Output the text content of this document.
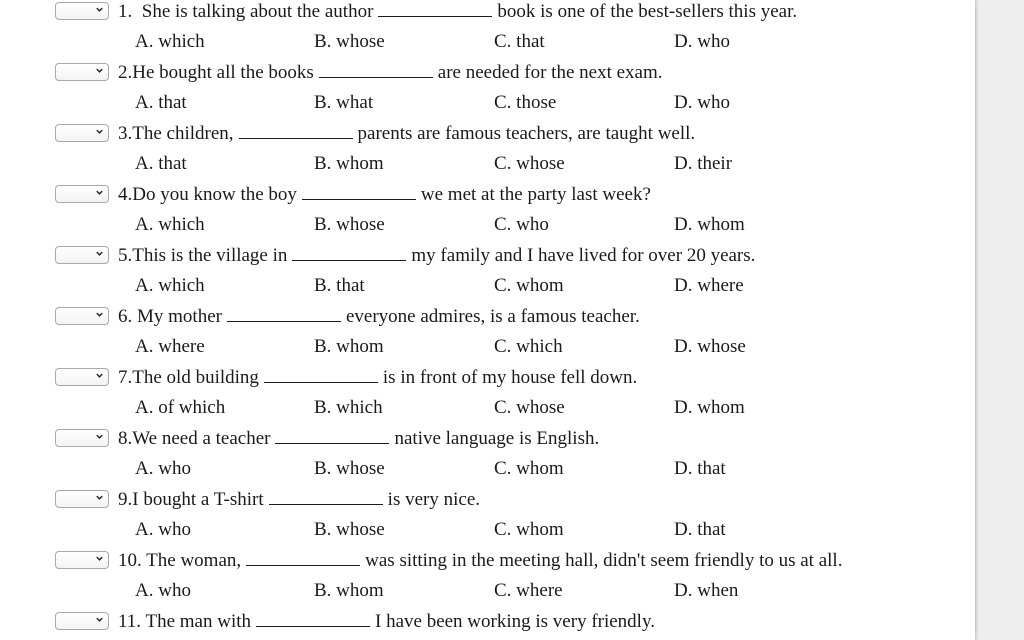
1. She is talking about the author	book is one of the best-sellers this year.
A. which	B. whose	C. that	D. who
2.He bought all the books	are needed for the next exam.
A. that	B. what	C. those	D. who
3.The children,	parents are famous teachers, are taught well.
A. that	B. whom	C. whose	D. their
4.Do you know the boy	we met at the party last week?
A. which	B. whose	C. who	D. whom
5.This is the village in	my family and I have lived for over 20 years.
A. which	B. that	C. whom	D. where
6. My mother	everyone admires, is a famous teacher.
A. where	B. whom	C. which	D. whose
7.The old building	is in front of my house fell down.
A. of which	B. which	C. whose	D. whom
8.We need a teacher	native language is English.
A. who	B. whose	C. whom	D. that
9.I bought a T-shirt	is very nice.
A. who	B. whose	C. whom	D. that
10. The woman,	was sitting in the meeting hall, didn't seem friendly to us at all.
A. who	B. whom	C. where	D. when
11. The man with	I have been working is very friendly.
